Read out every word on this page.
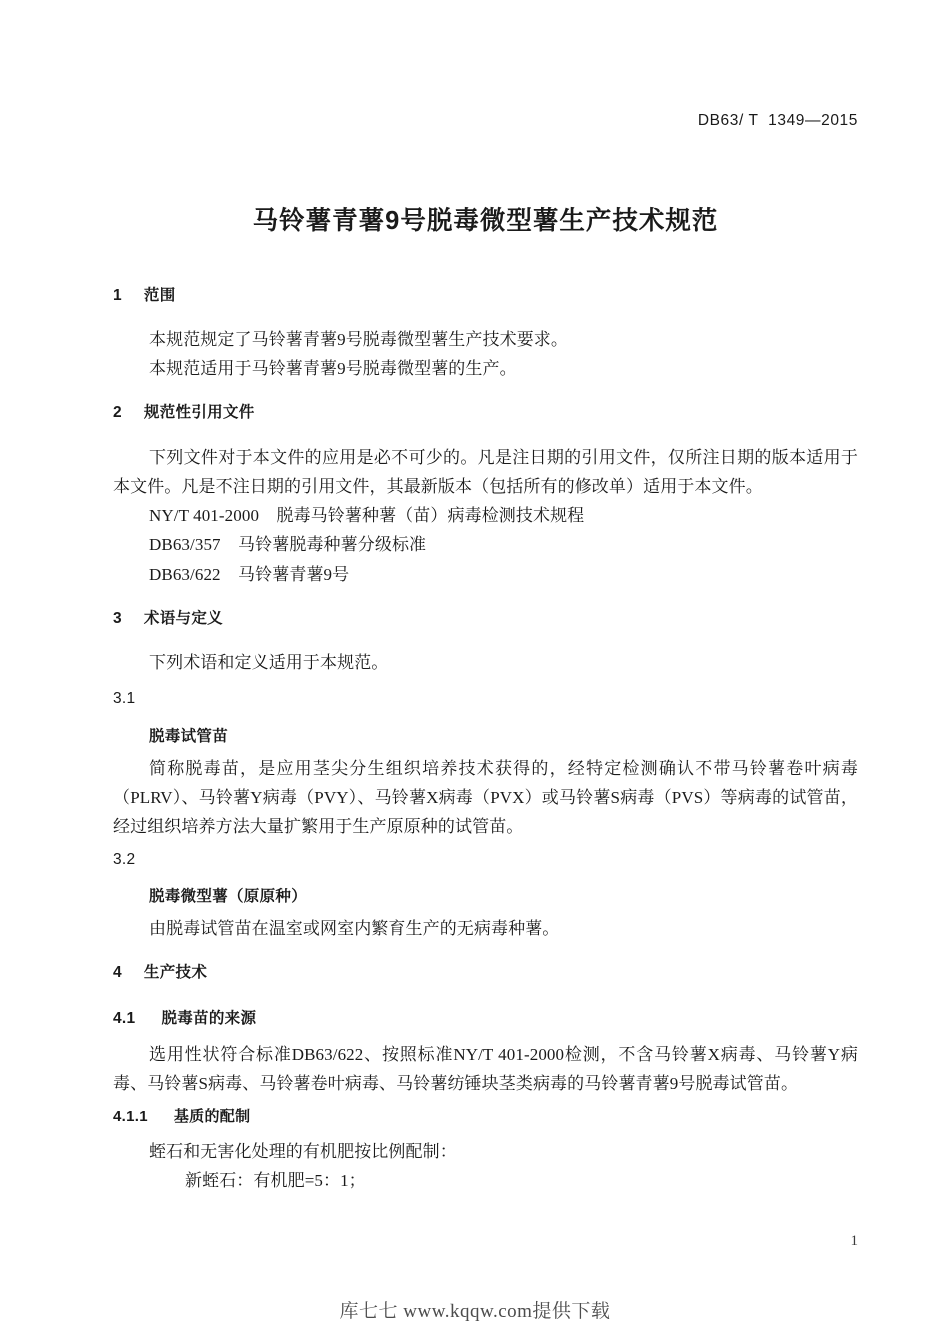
DB63/ T  1349—2015
马铃薯青薯9号脱毒微型薯生产技术规范
1 范围

本规范规定了马铃薯青薯9号脱毒微型薯生产技术要求。

本规范适用于马铃薯青薯9号脱毒微型薯的生产。

2 规范性引用文件

下列文件对于本文件的应用是必不可少的。凡是注日期的引用文件，仅所注日期的版本适用于本文件。凡是不注日期的引用文件，其最新版本（包括所有的修改单）适用于本文件。

NY/T 401-2000    脱毒马铃薯种薯（苗）病毒检测技术规程
DB63/357    马铃薯脱毒种薯分级标准
DB63/622    马铃薯青薯9号
3 术语与定义

下列术语和定义适用于本规范。

3.1
脱毒试管苗

简称脱毒苗，是应用茎尖分生组织培养技术获得的，经特定检测确认不带马铃薯卷叶病毒（PLRV）、马铃薯Y病毒（PVY）、马铃薯X病毒（PVX）或马铃薯S病毒（PVS）等病毒的试管苗，经过组织培养方法大量扩繁用于生产原原种的试管苗。

3.2
脱毒微型薯（原原种）

由脱毒试管苗在温室或网室内繁育生产的无病毒种薯。

4 生产技术
4.1 脱毒苗的来源

选用性状符合标准DB63/622、按照标准NY/T 401-2000检测，不含马铃薯X病毒、马铃薯Y病毒、马铃薯S病毒、马铃薯卷叶病毒、马铃薯纺锤块茎类病毒的马铃薯青薯9号脱毒试管苗。

4.1.1 基质的配制

蛭石和无害化处理的有机肥按比例配制：

新蛭石：有机肥=5：1；
1
库七七 www.kqqw.com提供下载
